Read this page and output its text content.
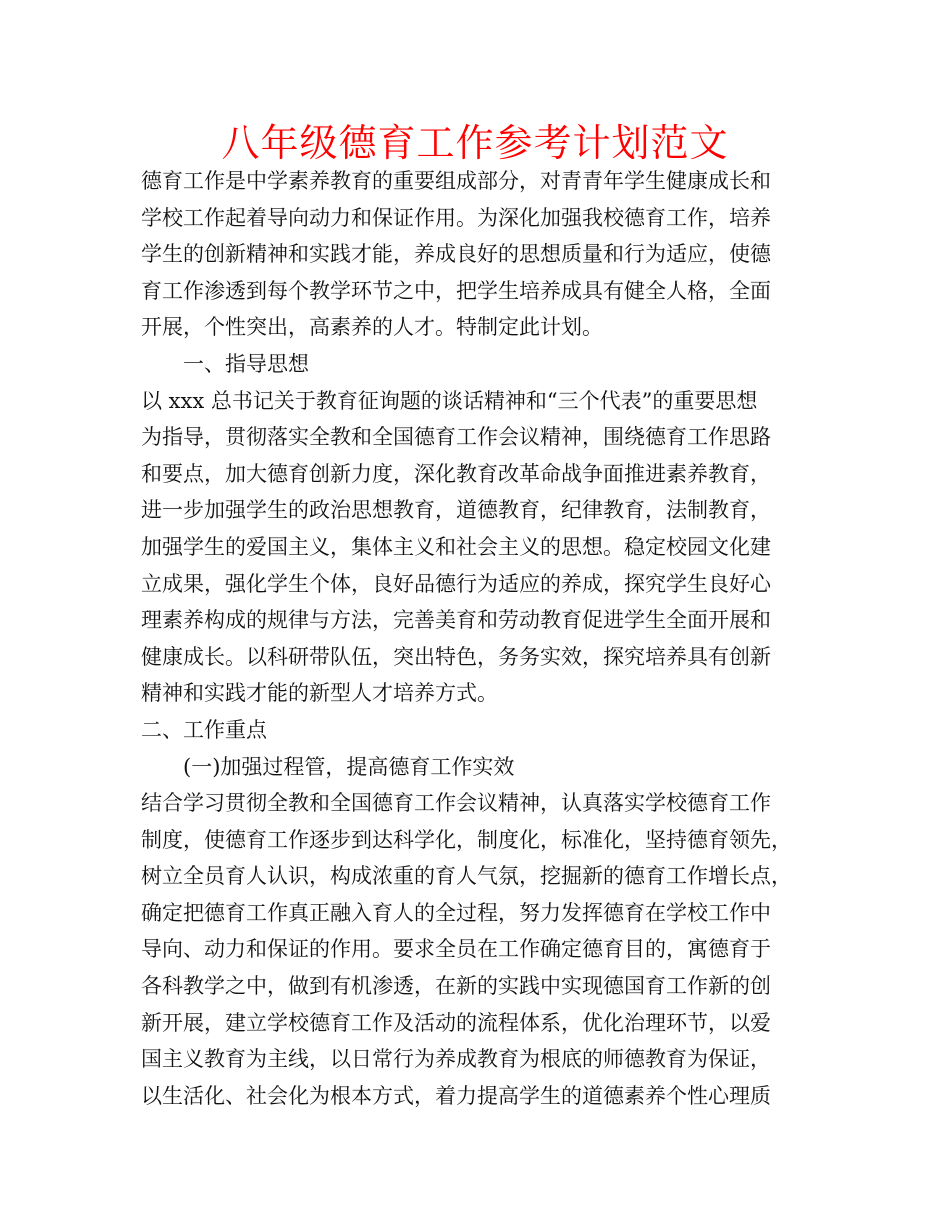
八年级德育工作参考计划范文
德育工作是中学素养教育的重要组成部分，对青青年学生健康成长和
学校工作起着导向动力和保证作用。为深化加强我校德育工作，培养
学生的创新精神和实践才能，养成良好的思想质量和行为适应，使德
育工作渗透到每个教学环节之中，把学生培养成具有健全人格，全面
开展，个性突出，高素养的人才。特制定此计划。
一、指导思想
以 xxx 总书记关于教育征询题的谈话精神和“三个代表”的重要思想
为指导，贯彻落实全教和全国德育工作会议精神，围绕德育工作思路
和要点，加大德育创新力度，深化教育改革命战争面推进素养教育，
进一步加强学生的政治思想教育，道德教育，纪律教育，法制教育，
加强学生的爱国主义，集体主义和社会主义的思想。稳定校园文化建
立成果，强化学生个体，良好品德行为适应的养成，探究学生良好心
理素养构成的规律与方法，完善美育和劳动教育促进学生全面开展和
健康成长。以科研带队伍，突出特色，务务实效，探究培养具有创新
精神和实践才能的新型人才培养方式。
二、工作重点
(一)加强过程管，提高德育工作实效
结合学习贯彻全教和全国德育工作会议精神，认真落实学校德育工作
制度，使德育工作逐步到达科学化，制度化，标准化，坚持德育领先，
树立全员育人认识，构成浓重的育人气氛，挖掘新的德育工作增长点，
确定把德育工作真正融入育人的全过程，努力发挥德育在学校工作中
导向、动力和保证的作用。要求全员在工作确定德育目的，寓德育于
各科教学之中，做到有机渗透，在新的实践中实现德国育工作新的创
新开展，建立学校德育工作及活动的流程体系，优化治理环节，以爱
国主义教育为主线，以日常行为养成教育为根底的师德教育为保证，
以生活化、社会化为根本方式，着力提高学生的道德素养个性心理质
